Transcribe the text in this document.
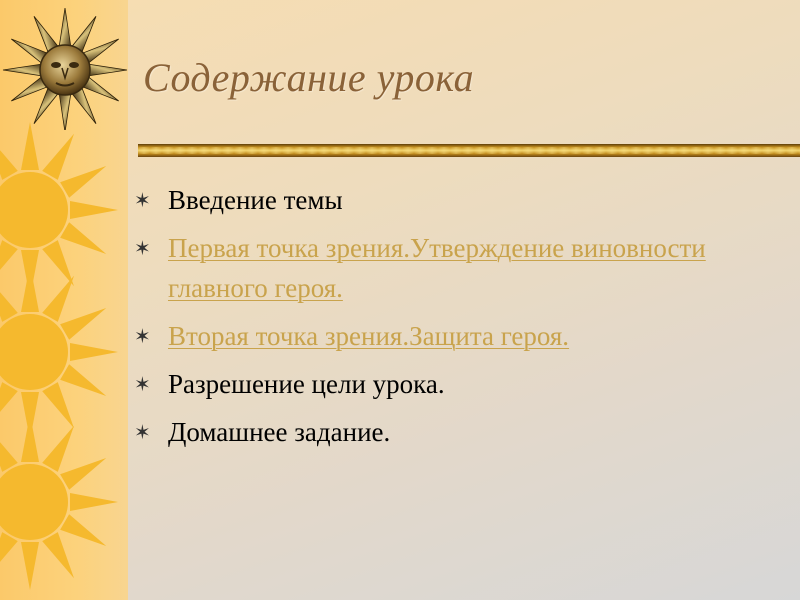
Содержание урока
✶ Введение темы
✶ Первая точка зрения.Утверждение виновности главного героя.
✶ Вторая точка зрения.Защита героя.
✶ Разрешение цели урока.
✶ Домашнее задание.
